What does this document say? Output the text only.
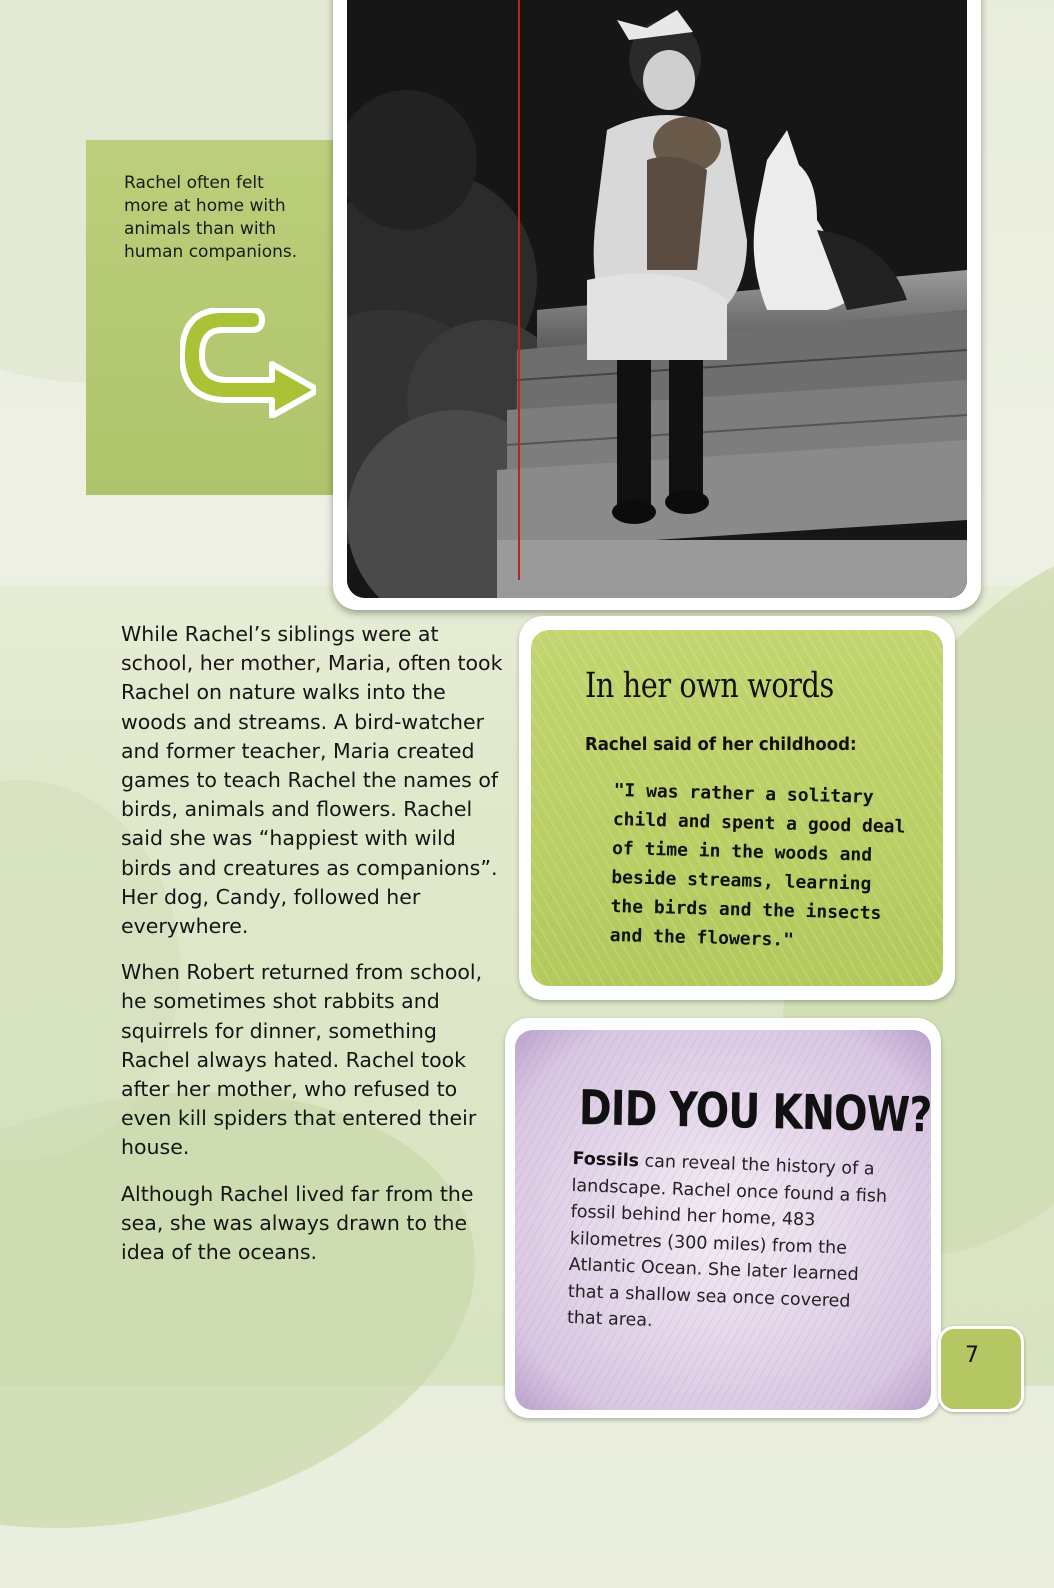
Rachel often felt
more at home with
animals than with
human companions.

While Rachel’s siblings were at school, her mother, Maria, often took Rachel on nature walks into the woods and streams. A bird-watcher and former teacher, Maria created games to teach Rachel the names of birds, animals and flowers. Rachel said she was “happiest with wild birds and creatures as companions”. Her dog, Candy, followed her everywhere.

When Robert returned from school, he sometimes shot rabbits and squirrels for dinner, something Rachel always hated. Rachel took after her mother, who refused to even kill spiders that entered their house.

Although Rachel lived far from the sea, she was always drawn to the idea of the oceans.

In her own words
Rachel said of her childhood:
"I was rather a solitary
child and spent a good deal
of time in the woods and
beside streams, learning
the birds and the insects
and the flowers."
DID YOU KNOW?
Fossils can reveal the history of a landscape. Rachel once found a fish fossil behind her home, 483 kilometres (300 miles) from the Atlantic Ocean. She later learned that a shallow sea once covered that area.
7
